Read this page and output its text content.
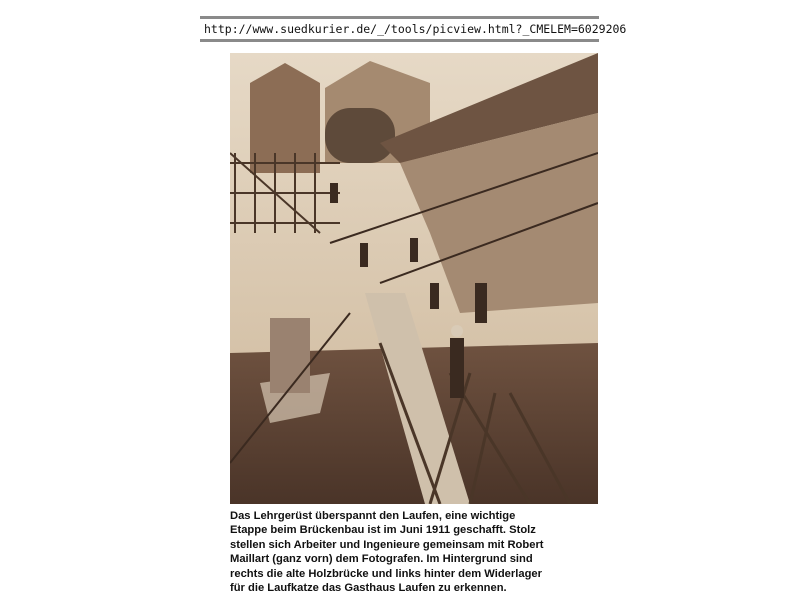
http://www.suedkurier.de/_/tools/picview.html?_CMELEM=6029206
Das Lehrgerüst überspannt den Laufen, eine wichtige
Etappe beim Brückenbau ist im Juni 1911 geschafft. Stolz
stellen sich Arbeiter und Ingenieure gemeinsam mit Robert
Maillart (ganz vorn) dem Fotografen. Im Hintergrund sind
rechts die alte Holzbrücke und links hinter dem Widerlager
für die Laufkatze das Gasthaus Laufen zu erkennen.
